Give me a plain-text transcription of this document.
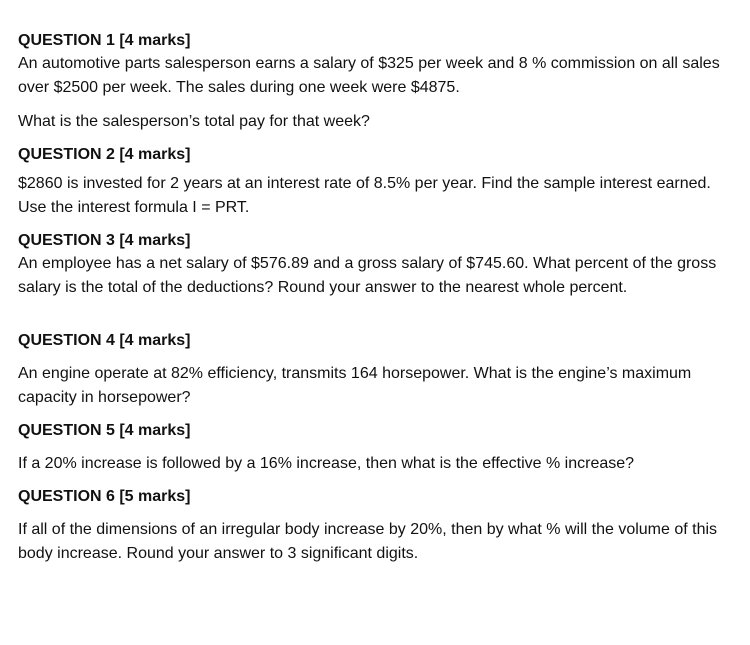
QUESTION 1 [4 marks]

An automotive parts salesperson earns a salary of $325 per week and 8 % commission on all sales over $2500 per week. The sales during one week were $4875.

What is the salesperson’s total pay for that week?

QUESTION 2 [4 marks]

$2860 is invested for 2 years at an interest rate of 8.5% per year. Find the sample interest earned. Use the interest formula I = PRT.

QUESTION 3 [4 marks]

An employee has a net salary of $576.89 and a gross salary of $745.60. What percent of the gross salary is the total of the deductions? Round your answer to the nearest whole percent.

QUESTION 4 [4 marks]

An engine operate at 82% efficiency, transmits 164 horsepower. What is the engine’s maximum capacity in horsepower?

QUESTION 5 [4 marks]

If a 20% increase is followed by a 16% increase, then what is the effective % increase?

QUESTION 6 [5 marks]

If all of the dimensions of an irregular body increase by 20%, then by what % will the volume of this body increase. Round your answer to 3 significant digits.
